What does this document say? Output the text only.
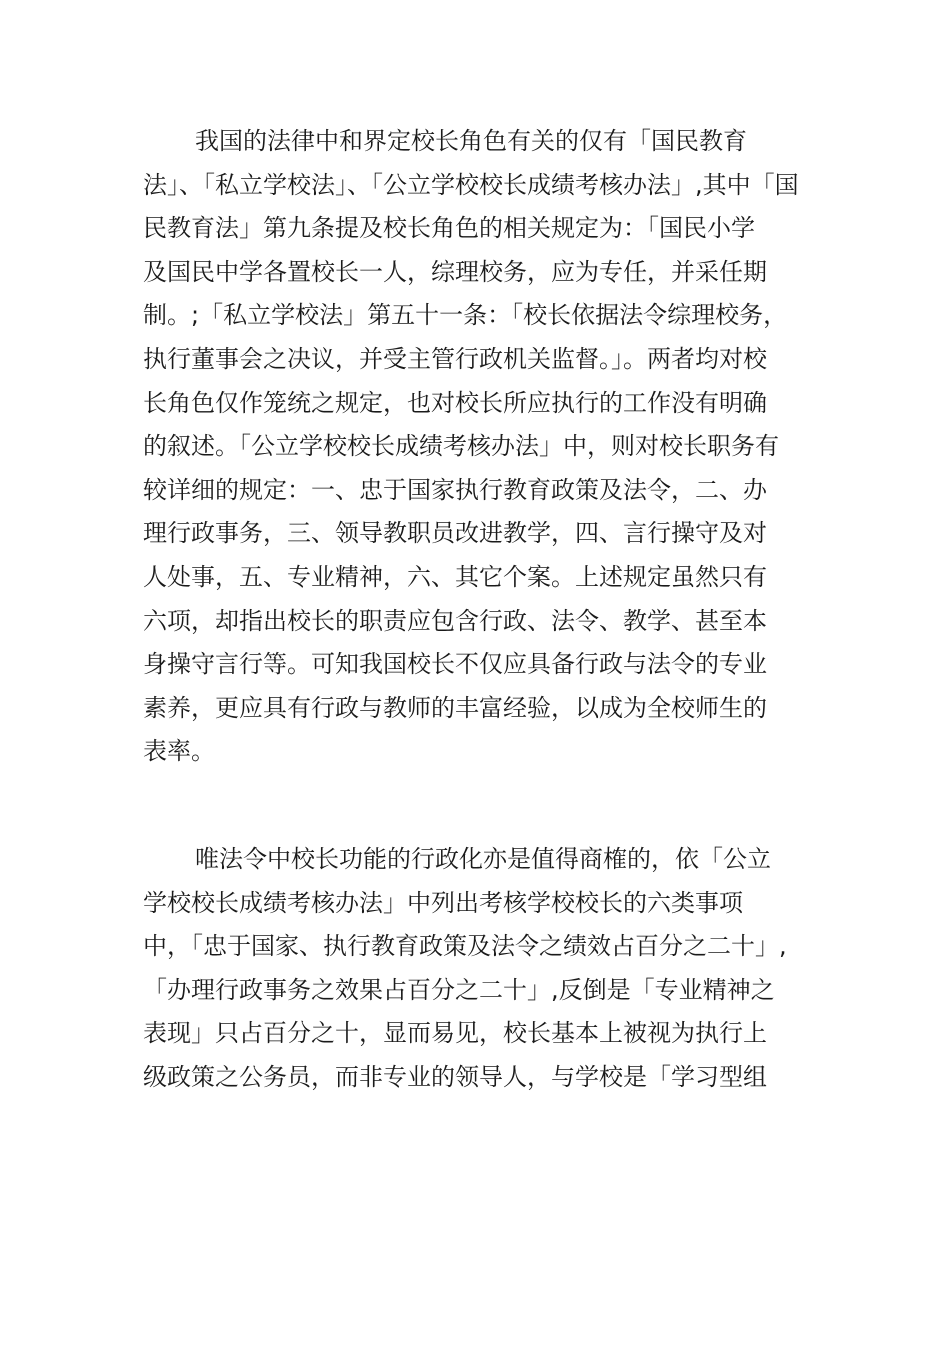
我国的法律中和界定校长角色有关的仅有「国民教育
法」、「私立学校法」、「公立学校校长成绩考核办法」,其中「国
民教育法」第九条提及校长角色的相关规定为：「国民小学
及国民中学各置校长一人，综理校务，应为专任，并采任期
制。;「私立学校法」第五十一条：「校长依据法令综理校务，
执行董事会之决议，并受主管行政机关监督。」。两者均对校
长角色仅作笼统之规定，也对校长所应执行的工作没有明确
的叙述。「公立学校校长成绩考核办法」中，则对校长职务有
较详细的规定：一、忠于国家执行教育政策及法令，二、办
理行政事务，三、领导教职员改进教学，四、言行操守及对
人处事，五、专业精神，六、其它个案。上述规定虽然只有
六项，却指出校长的职责应包含行政、法令、教学、甚至本
身操守言行等。可知我国校长不仅应具备行政与法令的专业
素养，更应具有行政与教师的丰富经验，以成为全校师生的
表率。
唯法令中校长功能的行政化亦是值得商榷的，依「公立
学校校长成绩考核办法」中列出考核学校校长的六类事项
中，「忠于国家、执行教育政策及法令之绩效占百分之二十」,
「办理行政事务之效果占百分之二十」,反倒是「专业精神之
表现」只占百分之十，显而易见，校长基本上被视为执行上
级政策之公务员，而非专业的领导人，与学校是「学习型组
